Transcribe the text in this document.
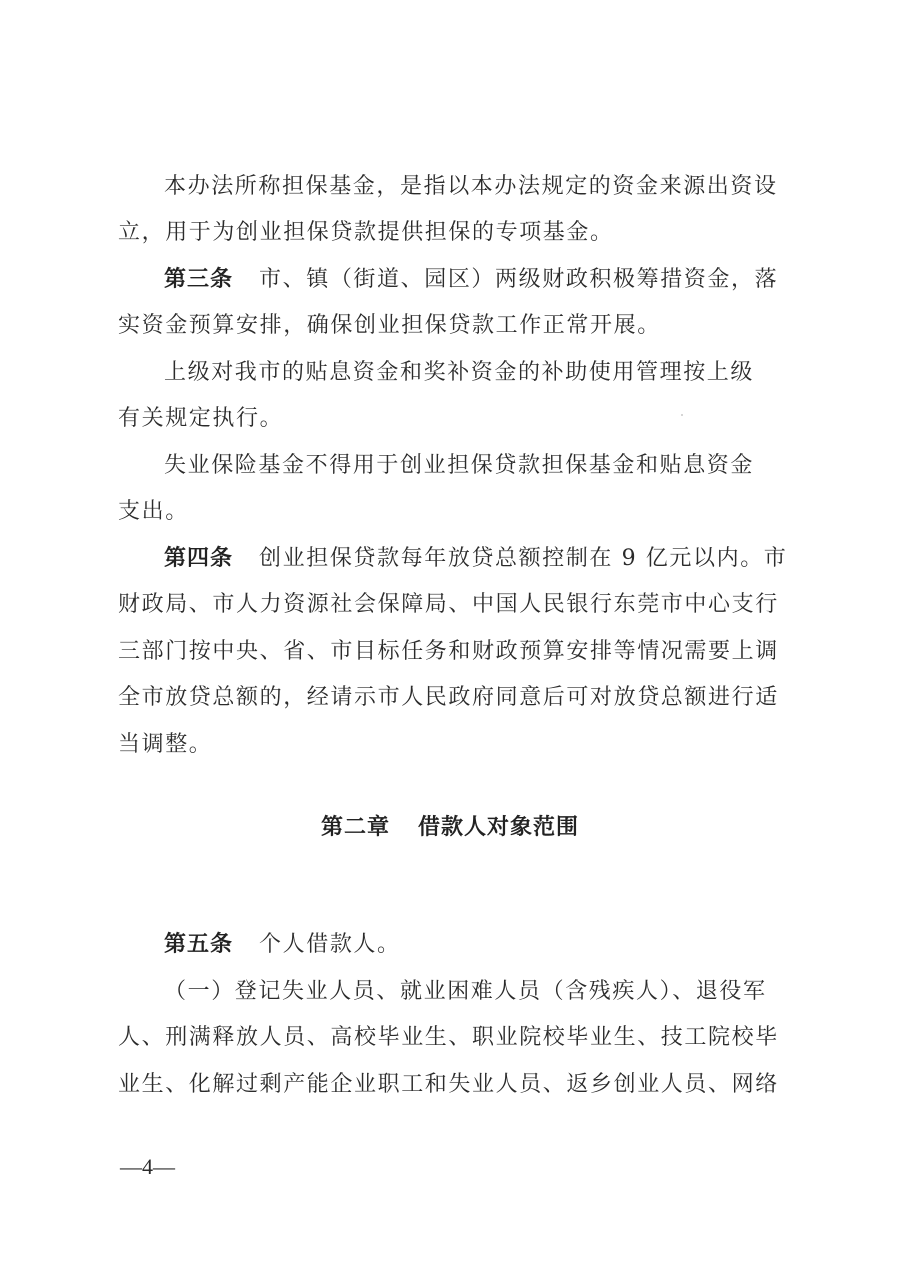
本办法所称担保基金，是指以本办法规定的资金来源出资设
立，用于为创业担保贷款提供担保的专项基金。
第三条 市、镇（街道、园区）两级财政积极筹措资金，落
实资金预算安排，确保创业担保贷款工作正常开展。
上级对我市的贴息资金和奖补资金的补助使用管理按上级
有关规定执行。
失业保险基金不得用于创业担保贷款担保基金和贴息资金
支出。
第四条 创业担保贷款每年放贷总额控制在 9 亿元以内。市
财政局、市人力资源社会保障局、中国人民银行东莞市中心支行
三部门按中央、省、市目标任务和财政预算安排等情况需要上调
全市放贷总额的，经请示市人民政府同意后可对放贷总额进行适
当调整。
第二章 借款人对象范围
第五条 个人借款人。
（一）登记失业人员、就业困难人员（含残疾人）、退役军
人、刑满释放人员、高校毕业生、职业院校毕业生、技工院校毕
业生、化解过剩产能企业职工和失业人员、返乡创业人员、网络
—4—
